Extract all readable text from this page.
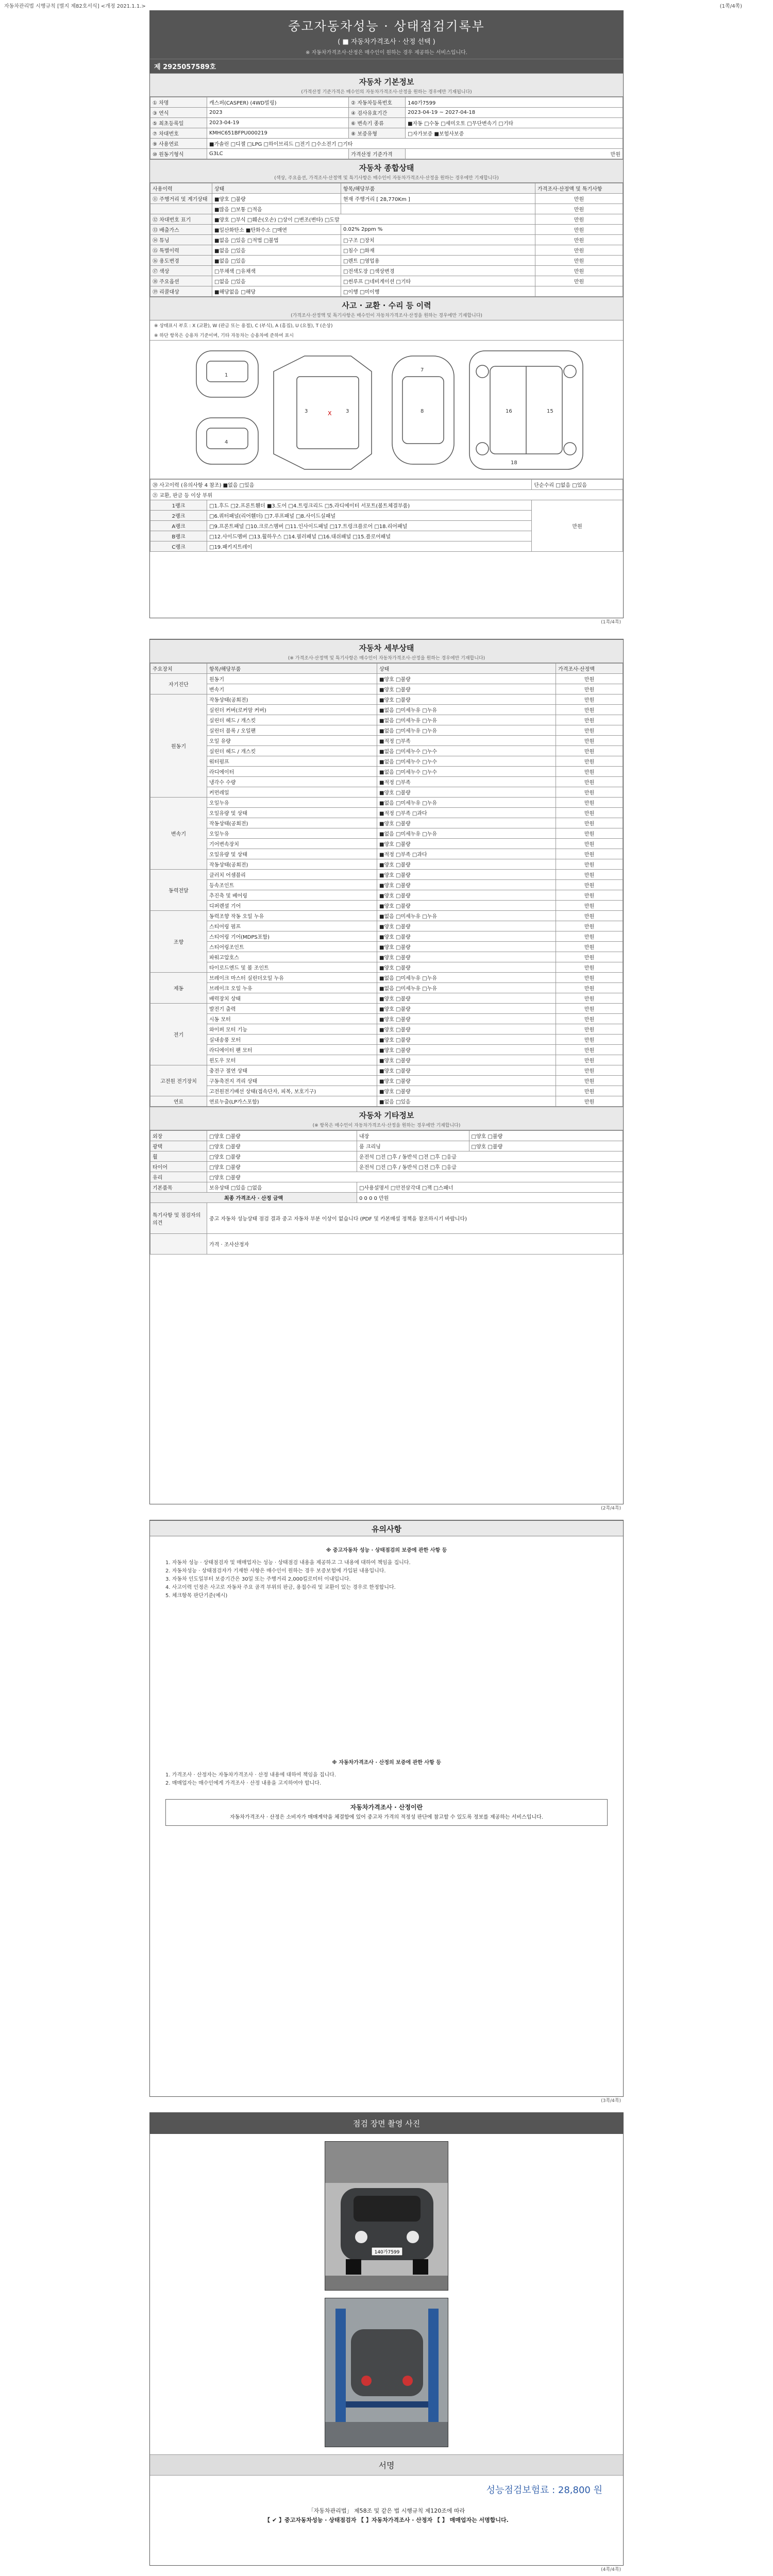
자동차관리법 시행규칙 [별지 제82호서식] <개정 2021.1.1.>	(1쪽/4쪽)
중고자동차성능 · 상태점검기록부
( ■ 자동차가격조사 · 산정 선택 )
※ 자동차가격조사·산정은 매수인이 원하는 경우 제공하는 서비스입니다.
제 2925057589호
자동차 기본정보
(가격산정 기준가격은 매수인의 자동차가격조사·산정을 원하는 경우에만 기재됩니다)
① 차명	캐스퍼(CASPER) (4WD빌링)	② 자동차등록번호	140가7599
③ 연식	2023	④ 검사유효기간	2023-04-19 ~ 2027-04-18
⑤ 최초등록일	2023-04-19	⑥ 변속기 종류	■자동 □수동 □세미오토 □무단변속기 □기타
⑦ 차대번호	KMHC651BFPU000219	⑧ 보증유형	□자가보증 ■보험사보증
⑨ 사용연료	■가솔린 □디젤 □LPG □하이브리드 □전기 □수소전기 □기타		
⑩ 원동기형식	G3LC	가격산정 기준가격	만원
자동차 종합상태
(색상, 주요옵션, 가격조사·산정액 및 특기사항은 매수인이 자동차가격조사·산정을 원하는 경우에만 기재합니다)
사용이력	상태	항목/해당부품	가격조사·산정액 및 특기사항
⑪ 주행거리 및 계기상태	■양호 □불량	현재 주행거리 [ 28,770Km ]	만원
	■많음 □보통 □적음		만원
⑫ 차대번호 표기	■양호 □부식 □훼손(오손) □상이 □변조(변타) □도말		만원
⑬ 배출가스	■일산화탄소 ■탄화수소 □매연	0.02% 2ppm %	만원
⑭ 튜닝	■없음 □있음 □적법 □불법	□구조 □장치	만원
⑮ 특별이력	■없음 □있음	□침수 □화재	만원
⑯ 용도변경	■없음 □있음	□렌트 □영업용	만원
⑰ 색상	□무채색 □유채색	□전색도장 □색상변경	만원
⑱ 주요옵션	□없음 □있음	□썬루프 □네비게이션 □기타	만원
⑲ 리콜대상	■해당없음 □해당	□이행 □미이행	
사고 · 교환 · 수리 등 이력
(가격조사·산정액 및 특기사항은 매수인이 자동차가격조사·산정을 원하는 경우에만 기재합니다)
※ 상태표시 부호 : X (교환), W (판금 또는 용접), C (부식), A (흠집), U (요철), T (손상)
※ 하단 항목은 승용차 기준이며, 기타 자동차는 승용차에 준하여 표시
1
4
3	3
7
8	16	15
18
X
⑳ 사고이력 (유의사항 4 참조) ■없음 □있음		단순수리 □없음 □있음
㉑ 교환, 판금 등 이상 부위		
1랭크	□1.후드 □2.프론트휀더 ■3.도어 □4.트렁크리드 □5.라디에이터 서포트(볼트체결부품)	만원
2랭크	□6.쿼터패널(리어휀더) □7.루프패널 □8.사이드실패널	
A랭크	□9.프론트패널 □10.크로스멤버 □11.인사이드패널 □17.트렁크플로어 □18.리어패널	
B랭크	□12.사이드멤버 □13.휠하우스 □14.필러패널 □16.대쉬패널 □15.플로어패널	
C랭크	□19.패키지트레이	
(1쪽/4쪽)
자동차 세부상태
(※ 가격조사·산정액 및 특기사항은 매수인이 자동차가격조사·산정을 원하는 경우에만 기재합니다)
주요장치	항목/해당부품	상태	가격조사·산정액
자기진단	원동기	■양호 □불량	만원
	변속기	■양호 □불량	만원
원동기	작동상태(공회전)	■양호 □불량	만원
	실린더 커버(로커암 커버)	■없음 □미세누유 □누유	만원
	실린더 헤드 / 개스킷	■없음 □미세누유 □누유	만원
	실린더 블록 / 오일팬	■없음 □미세누유 □누유	만원
	오일 유량	■적정 □부족	만원
	실린더 헤드 / 개스킷	■없음 □미세누수 □누수	만원
	워터펌프	■없음 □미세누수 □누수	만원
	라디에이터	■없음 □미세누수 □누수	만원
	냉각수 수량	■적정 □부족	만원
	커먼레일	■양호 □불량	만원
변속기	오일누유	■없음 □미세누유 □누유	만원
	오일유량 및 상태	■적정 □부족 □과다	만원
	작동상태(공회전)	■양호 □불량	만원
	오일누유	■없음 □미세누유 □누유	만원
	기어변속장치	■양호 □불량	만원
	오일유량 및 상태	■적정 □부족 □과다	만원
	작동상태(공회전)	■양호 □불량	만원
동력전달	클러치 어셈블리	■양호 □불량	만원
	등속조인트	■양호 □불량	만원
	추진축 및 베어링	■양호 □불량	만원
	디퍼렌셜 기어	■양호 □불량	만원
조향	동력조향 작동 오일 누유	■없음 □미세누유 □누유	만원
	스티어링 펌프	■양호 □불량	만원
	스티어링 기어(MDPS포함)	■양호 □불량	만원
	스티어링조인트	■양호 □불량	만원
	파워고압호스	■양호 □불량	만원
	타이로드엔드 및 볼 조인트	■양호 □불량	만원
제동	브레이크 마스터 실린더오일 누유	■없음 □미세누유 □누유	만원
	브레이크 오일 누유	■없음 □미세누유 □누유	만원
	배력장치 상태	■양호 □불량	만원
전기	발전기 출력	■양호 □불량	만원
	시동 모터	■양호 □불량	만원
	와이퍼 모터 기능	■양호 □불량	만원
	실내송풍 모터	■양호 □불량	만원
	라디에이터 팬 모터	■양호 □불량	만원
	윈도우 모터	■양호 □불량	만원
고전원 전기장치	충전구 절연 상태	■양호 □불량	만원
	구동축전지 격리 상태	■양호 □불량	만원
	고전원전기배선 상태(접속단자, 피복, 보호기구)	■양호 □불량	만원
연료	연료누출(LP가스포함)	■없음 □있음	만원
자동차 기타정보
(※ 항목은 매수인이 자동차가격조사·산정을 원하는 경우에만 기재합니다)
외장	□양호 □불량	내장	□양호 □불량
광택	□양호 □불량	룸 크리닝	□양호 □불량
휠	□양호 □불량	운전석 □전 □후 / 동반석 □전 □후 □응급	
타이어	□양호 □불량	운전석 □전 □후 / 동반석 □전 □후 □응급	
유리	□양호 □불량		
기본품목	보유상태 □있음 □없음	□사용설명서 □안전삼각대 □잭 □스패너	
최종 가격조사 · 산정 금액		0 0 0 0 만원	
특기사항 및 점검자의 의견	중고 자동차 성능상태 점검 결과 중고 자동차 부분 이상이 없습니다 (PDF 및 카본매설 정책을 참조하시기 바랍니다)		
	가격 · 조사산정자		
(2쪽/4쪽)
유의사항
※ 중고자동차 성능 · 상태점검의 보증에 관한 사항 등

1. 자동차 성능 · 상태점검자 및 매매업자는 성능 · 상태점검 내용을 제공하고 그 내용에 대하여 책임을 집니다.

2. 자동차성능 · 상태점검자가 기재한 사항은 매수인이 원하는 경우 보증보험에 가입된 내용입니다.

3. 자동차 인도일부터 보증기간은 30일 또는 주행거리 2,000킬로미터 이내입니다.

4. 사고이력 인정은 사고로 자동차 주요 골격 부위의 판금, 용접수리 및 교환이 있는 경우로 한정합니다.

5. 체크항목 판단기준(예시)

※ 자동차가격조사 · 산정의 보증에 관한 사항 등

1. 가격조사 · 산정자는 자동차가격조사 · 산정 내용에 대하여 책임을 집니다.

2. 매매업자는 매수인에게 가격조사 · 산정 내용을 고지하여야 합니다.

자동차가격조사 · 산정이란
자동차가격조사 · 산정은 소비자가 매매계약을 체결함에 있어 중고차 가격의 적정성 판단에 참고할 수 있도록 정보를 제공하는 서비스입니다.
(3쪽/4쪽)
점검 장면 촬영 사진
140가7599
서명
성능점검보험료 : 28,800 원
「자동차관리법」 제58조 및 같은 법 시행규칙 제120조에 따라
【 ✔ 】중고자동차성능 · 상태점검자 【 】자동차가격조사 · 산정자 【 】 매매업자는 서명합니다.
(4쪽/4쪽)
